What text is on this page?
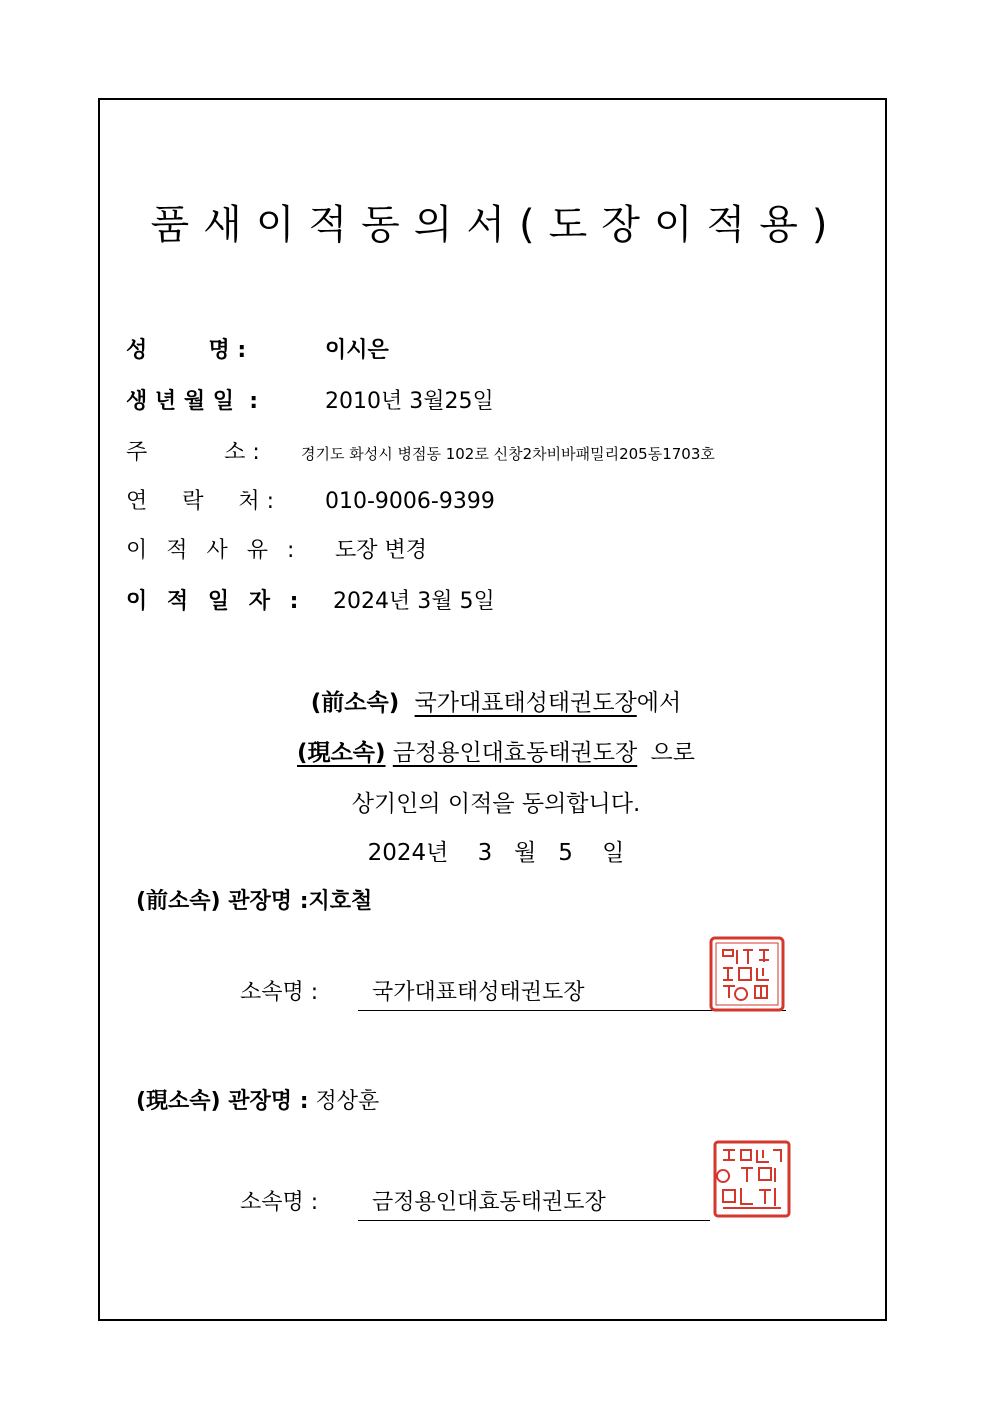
품새이적동의서(도장이적용)
성        명 :	이시은
생 년 월 일  :	2010년 3월25일
주           소 :	경기도 화성시 병점동 102로 신창2차비바패밀리205동1703호
연     락     처 : 010-9006-9399
이 적 사 유 : 도장 변경
이 적 일 자 : 2024년 3월 5일
(前소속) 국가대표태성태권도장에서
(現소속) 금정용인대효동태권도장 으로
상기인의 이적을 동의합니다.
2024년    3   월   5    일
(前소속) 관장명 :지호철
소속명 : 국가대표태성태권도장
(現소속) 관장명 : 정상훈
소속명 : 금정용인대효동태권도장
